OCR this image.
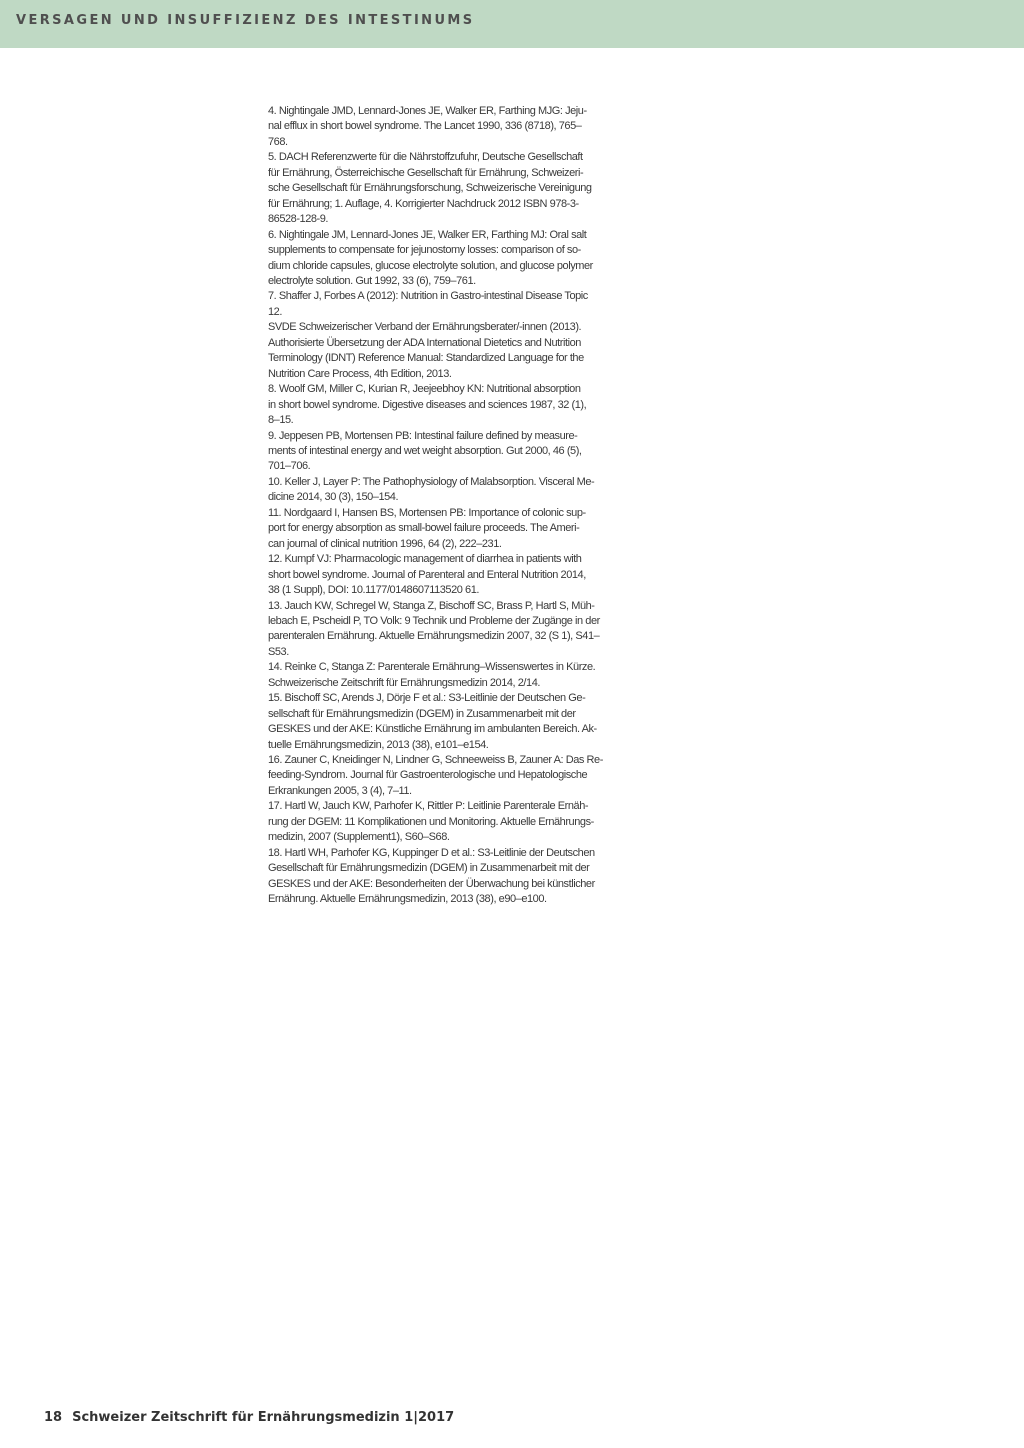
VERSAGEN UND INSUFFIZIENZ DES INTESTINUMS
4. Nightingale JMD, Lennard-Jones JE, Walker ER, Farthing MJG: Jeju-
nal efflux in short bowel syndrome. The Lancet 1990, 336 (8718), 765–
768.
5. DACH Referenzwerte für die Nährstoffzufuhr, Deutsche Gesellschaft
für Ernährung, Österreichische Gesellschaft für Ernährung, Schweizeri-
sche Gesellschaft für Ernährungsforschung, Schweizerische Vereinigung
für Ernährung; 1. Auflage, 4. Korrigierter Nachdruck 2012 ISBN 978-3-
86528-128-9.
6. Nightingale JM, Lennard-Jones JE, Walker ER, Farthing MJ: Oral salt
supplements to compensate for jejunostomy losses: comparison of so-
dium chloride capsules, glucose electrolyte solution, and glucose polymer
electrolyte solution. Gut 1992, 33 (6), 759–761.
7. Shaffer J, Forbes A (2012): Nutrition in Gastro-intestinal Disease Topic
12.
SVDE Schweizerischer Verband der Ernährungsberater/-innen (2013).
Authorisierte Übersetzung der ADA International Dietetics and Nutrition
Terminology (IDNT) Reference Manual: Standardized Language for the
Nutrition Care Process, 4th Edition, 2013.
8. Woolf GM, Miller C, Kurian R, Jeejeebhoy KN: Nutritional absorption
in short bowel syndrome. Digestive diseases and sciences 1987, 32 (1),
8–15.
9. Jeppesen PB, Mortensen PB: Intestinal failure defined by measure-
ments of intestinal energy and wet weight absorption. Gut 2000, 46 (5),
701–706.
10. Keller J, Layer P: The Pathophysiology of Malabsorption. Visceral Me-
dicine 2014, 30 (3), 150–154.
11. Nordgaard I, Hansen BS, Mortensen PB: Importance of colonic sup-
port for energy absorption as small-bowel failure proceeds. The Ameri-
can journal of clinical nutrition 1996, 64 (2), 222–231.
12. Kumpf VJ: Pharmacologic management of diarrhea in patients with
short bowel syndrome. Journal of Parenteral and Enteral Nutrition 2014,
38 (1 Suppl), DOI: 10.1177/0148607113520 61.
13. Jauch KW, Schregel W, Stanga Z, Bischoff SC, Brass P, Hartl S, Müh-
lebach E, Pscheidl P, TO Volk: 9 Technik und Probleme der Zugänge in der
parenteralen Ernährung. Aktuelle Ernährungsmedizin 2007, 32 (S 1), S41–
S53.
14. Reinke C, Stanga Z: Parenterale Ernährung–Wissenswertes in Kürze.
Schweizerische Zeitschrift für Ernährungsmedizin 2014, 2/14.
15. Bischoff SC, Arends J, Dörje F et al.: S3-Leitlinie der Deutschen Ge-
sellschaft für Ernährungsmedizin (DGEM) in Zusammenarbeit mit der
GESKES und der AKE: Künstliche Ernährung im ambulanten Bereich. Ak-
tuelle Ernährungsmedizin, 2013 (38), e101–e154.
16. Zauner C, Kneidinger N, Lindner G, Schneeweiss B, Zauner A: Das Re-
feeding-Syndrom. Journal für Gastroenterologische und Hepatologische
Erkrankungen 2005, 3 (4), 7–11.
17. Hartl W, Jauch KW, Parhofer K, Rittler P: Leitlinie Parenterale Ernäh-
rung der DGEM: 11 Komplikationen und Monitoring. Aktuelle Ernährungs-
medizin, 2007 (Supplement1), S60–S68.
18. Hartl WH, Parhofer KG, Kuppinger D et al.: S3-Leitlinie der Deutschen
Gesellschaft für Ernährungsmedizin (DGEM) in Zusammenarbeit mit der
GESKES und der AKE: Besonderheiten der Überwachung bei künstlicher
Ernährung. Aktuelle Ernährungsmedizin, 2013 (38), e90–e100.
18 Schweizer Zeitschrift für Ernährungsmedizin 1|2017
